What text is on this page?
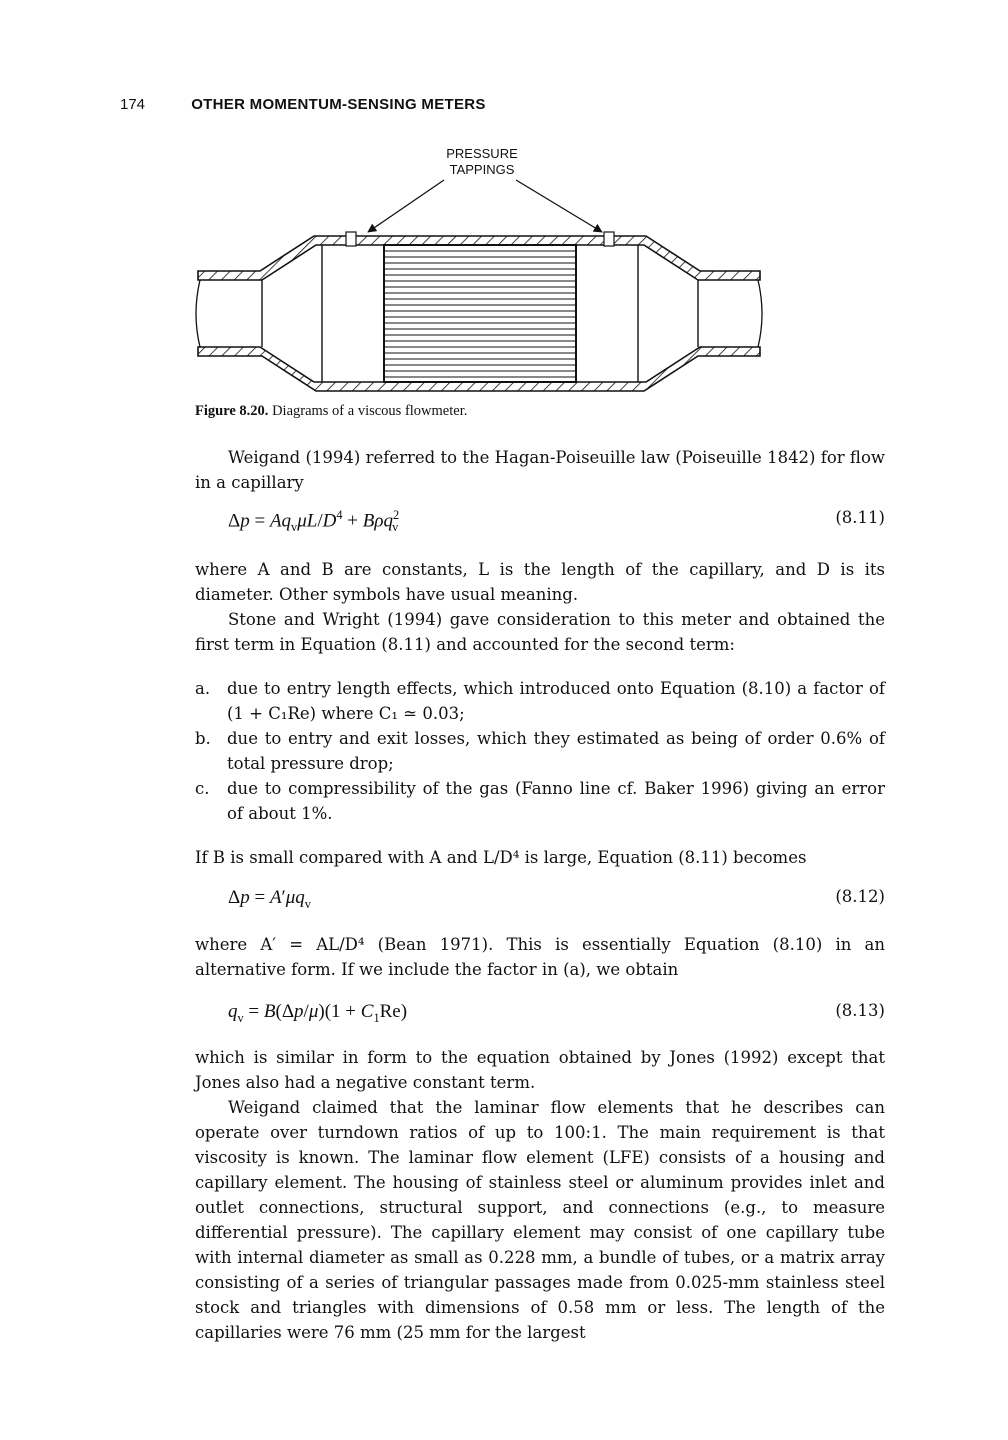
174	OTHER MOMENTUM-SENSING METERS
PRESSURE
TAPPINGS
Figure 8.20. Diagrams of a viscous flowmeter.
Weigand (1994) referred to the Hagan-Poiseuille law (Poiseuille 1842) for flow in a capillary
$\Delta p = Aq_v\mu L/D^4 + B\rho q^2_v$
(8.11)
where A and B are constants, L is the length of the capillary, and D is its diameter. Other symbols have usual meaning.
Stone and Wright (1994) gave consideration to this meter and obtained the first term in Equation (8.11) and accounted for the second term:
a. due to entry length effects, which introduced onto Equation (8.10) a factor of (1 + C₁Re) where C₁ ≃ 0.03;
b. due to entry and exit losses, which they estimated as being of order 0.6% of total pressure drop;
c. due to compressibility of the gas (Fanno line cf. Baker 1996) giving an error of about 1%.
If B is small compared with A and L/D⁴ is large, Equation (8.11) becomes
$\Delta p = A'\mu q_v$	(8.12)
where A′ = AL/D⁴ (Bean 1971). This is essentially Equation (8.10) in an alternative form. If we include the factor in (a), we obtain
$q_v = B(\Delta p/\mu)(1 + C_1Re)$	(8.13)
which is similar in form to the equation obtained by Jones (1992) except that Jones also had a negative constant term.
Weigand claimed that the laminar flow elements that he describes can operate over turndown ratios of up to 100:1. The main requirement is that viscosity is known. The laminar flow element (LFE) consists of a housing and capillary element. The housing of stainless steel or aluminum provides inlet and outlet connections, structural support, and connections (e.g., to measure differential pressure). The capillary element may consist of one capillary tube with internal diameter as small as 0.228 mm, a bundle of tubes, or a matrix array consisting of a series of triangular passages made from 0.025-mm stainless steel stock and triangles with dimensions of 0.58 mm or less. The length of the capillaries were 76 mm (25 mm for the largest
